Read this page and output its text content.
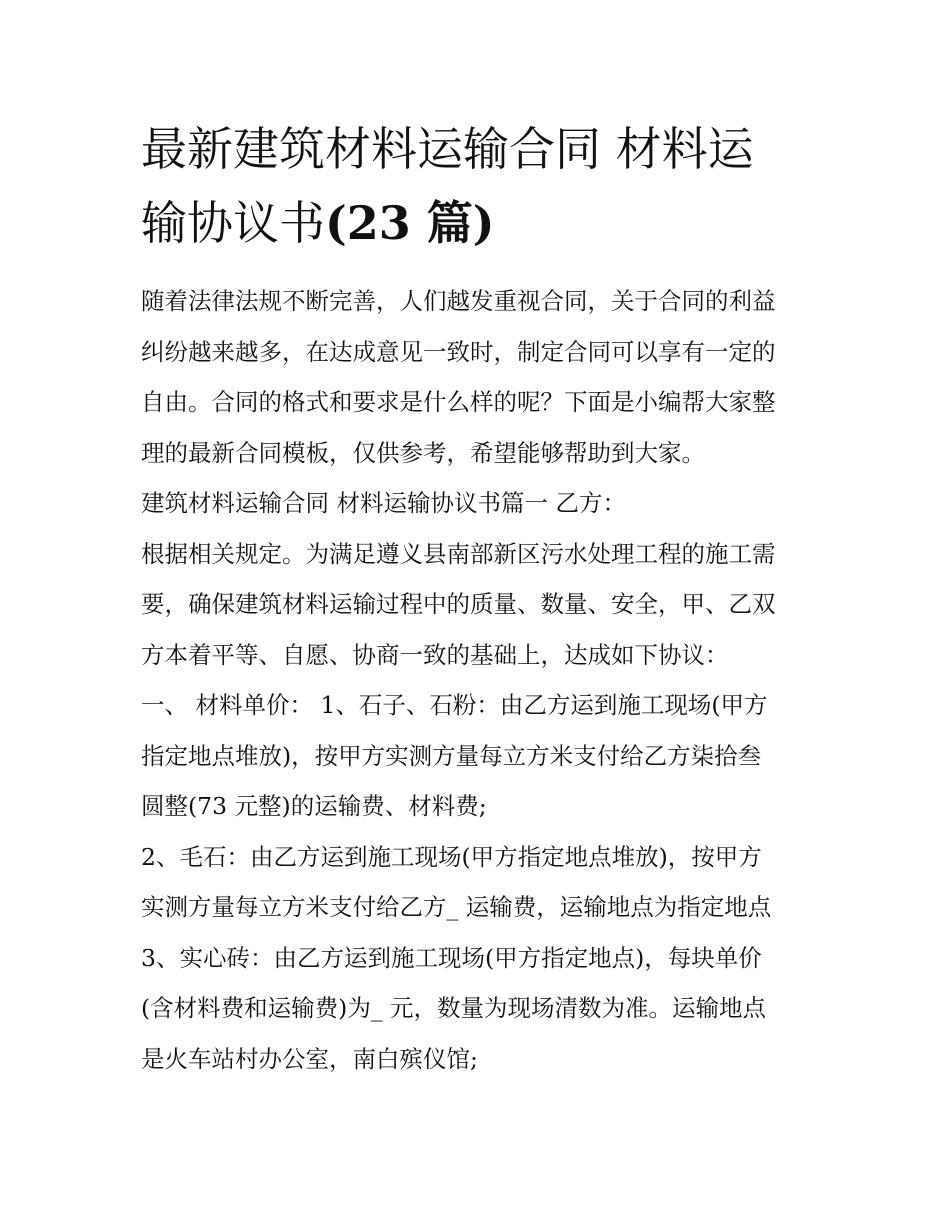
最新建筑材料运输合同 材料运
输协议书(23 篇)

随着法律法规不断完善，人们越发重视合同，关于合同的利益

纠纷越来越多，在达成意见一致时，制定合同可以享有一定的

自由。合同的格式和要求是什么样的呢？下面是小编帮大家整

理的最新合同模板，仅供参考，希望能够帮助到大家。

建筑材料运输合同 材料运输协议书篇一 乙方：

根据相关规定。为满足遵义县南部新区污水处理工程的施工需

要，确保建筑材料运输过程中的质量、数量、安全，甲、乙双

方本着平等、自愿、协商一致的基础上，达成如下协议：

一、 材料单价： 1、石子、石粉：由乙方运到施工现场(甲方

指定地点堆放)，按甲方实测方量每立方米支付给乙方柒拾叁

圆整(73 元整)的运输费、材料费;

2、毛石：由乙方运到施工现场(甲方指定地点堆放)，按甲方

实测方量每立方米支付给乙方_ 运输费，运输地点为指定地点

3、实心砖：由乙方运到施工现场(甲方指定地点)，每块单价

(含材料费和运输费)为_ 元，数量为现场清数为准。运输地点

是火车站村办公室，南白殡仪馆;
